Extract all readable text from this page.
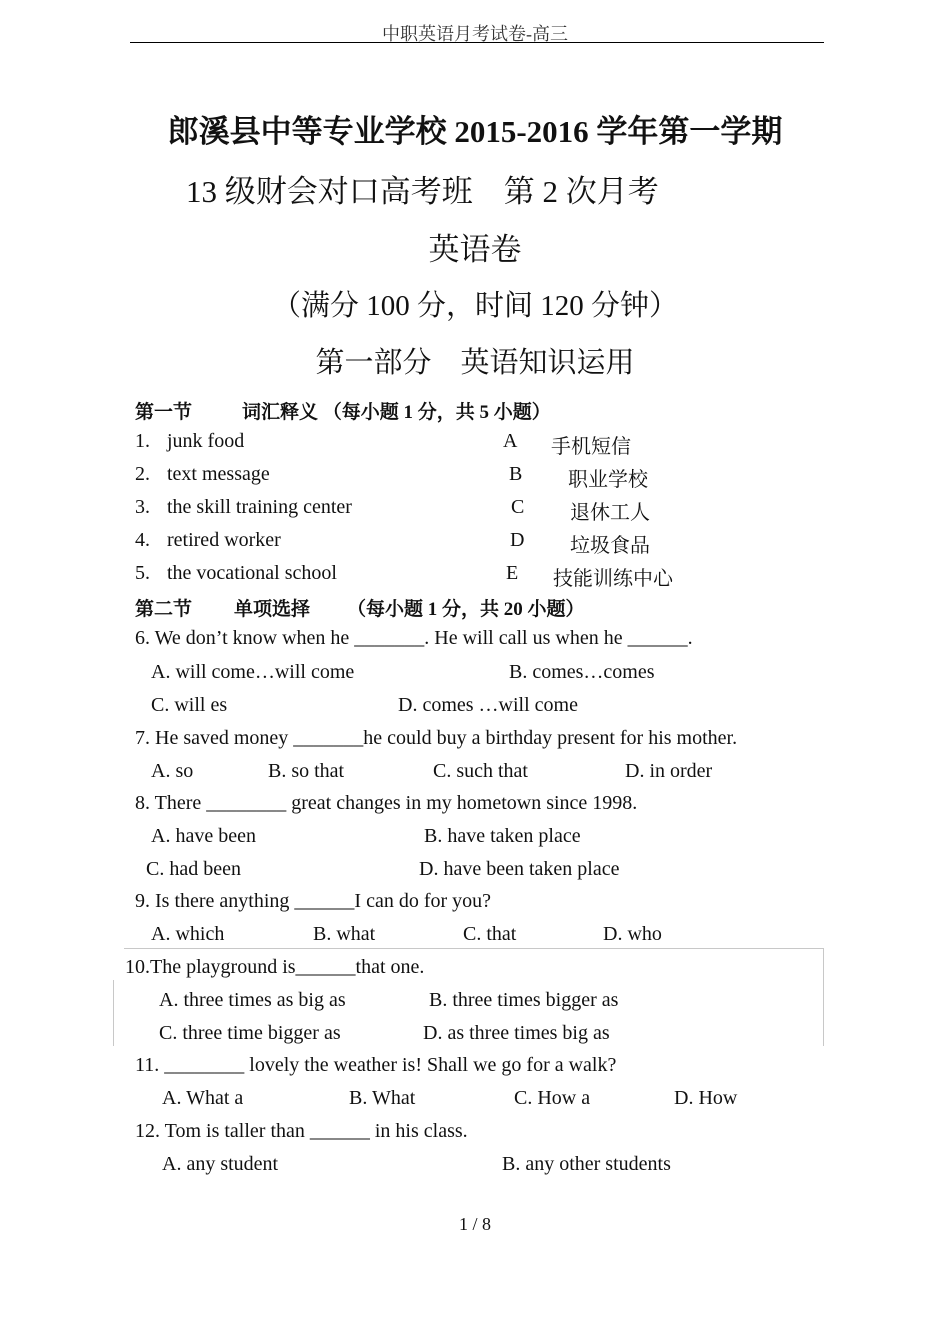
中职英语月考试卷-高三
郎溪县中等专业学校 2015-2016 学年第一学期
13 级财会对口高考班　第 2 次月考
英语卷
（满分 100 分，时间 120 分钟）
第一部分　英语知识运用
第一节	词汇释义 （每小题 1 分，共 5 小题）
1. junk food	A 手机短信
2. text message	B 职业学校
3. the skill training center	C 退休工人
4. retired worker	D 垃圾食品
5. the vocational school	E 技能训练中心
第二节 单项选择 （每小题 1 分，共 20 小题）
6. We don’t know when he _______. He will call us when he ______.
A. will come…will come	B. comes…comes
C. will es	D. comes …will come
7. He saved money _______he could buy a birthday present for his mother.
A. so	B. so that	C. such that	D. in order
8. There ________ great changes in my hometown since 1998.
A. have been	B. have taken place
C. had been	D. have been taken place
9. Is there anything ______I can do for you?
A. which	B. what	C. that	D. who
10.The playground is______that one.
A. three times as big as	B. three times bigger as
C. three time bigger as	D. as three times big as
11. ________ lovely the weather is! Shall we go for a walk?
A. What a	B. What	C. How a	D. How
12. Tom is taller than ______ in his class.
A. any student	B. any other students
1 / 8
